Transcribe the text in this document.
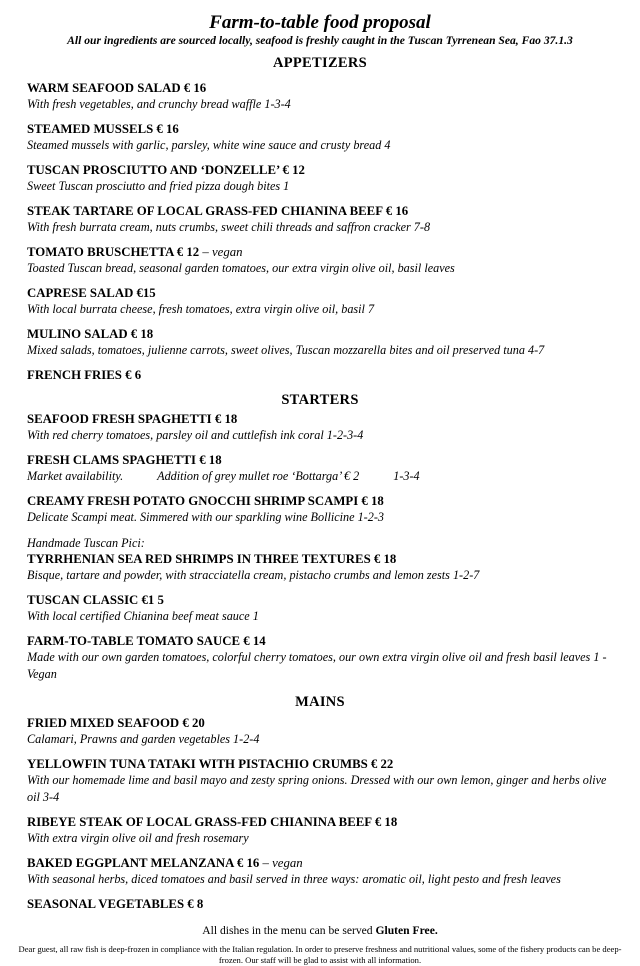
Farm-to-table food proposal
All our ingredients are sourced locally, seafood is freshly caught in the Tuscan Tyrrenean Sea, Fao 37.1.3
APPETIZERS
WARM SEAFOOD SALAD € 16
With fresh vegetables, and crunchy bread waffle 1-3-4
STEAMED MUSSELS € 16
Steamed mussels with garlic, parsley, white wine sauce and crusty bread 4
TUSCAN PROSCIUTTO AND ‘DONZELLE’ € 12
Sweet Tuscan prosciutto and fried pizza dough bites 1
STEAK TARTARE OF LOCAL GRASS-FED CHIANINA BEEF € 16
With fresh burrata cream, nuts crumbs, sweet chili threads and saffron cracker 7-8
TOMATO BRUSCHETTA € 12 – vegan
Toasted Tuscan bread, seasonal garden tomatoes, our extra virgin olive oil, basil leaves
CAPRESE SALAD €15
With local burrata cheese, fresh tomatoes, extra virgin olive oil, basil 7
MULINO SALAD € 18
Mixed salads, tomatoes, julienne carrots, sweet olives, Tuscan mozzarella bites and oil preserved tuna 4-7
FRENCH FRIES € 6
STARTERS
SEAFOOD FRESH SPAGHETTI € 18
With red cherry tomatoes, parsley oil and cuttlefish ink coral 1-2-3-4
FRESH CLAMS SPAGHETTI € 18
Market availability.	Addition of grey mullet roe ‘Bottarga’ € 2	1-3-4
CREAMY FRESH POTATO GNOCCHI SHRIMP SCAMPI € 18
Delicate Scampi meat. Simmered with our sparkling wine Bollicine 1-2-3
Handmade Tuscan Pici:
TYRRHENIAN SEA RED SHRIMPS IN THREE TEXTURES € 18
Bisque, tartare and powder, with stracciatella cream, pistacho crumbs and lemon zests 1-2-7
TUSCAN CLASSIC €1 5
With local certified Chianina beef meat sauce 1
FARM-TO-TABLE TOMATO SAUCE € 14
Made with our own garden tomatoes, colorful cherry tomatoes, our own extra virgin olive oil and fresh basil leaves 1 - Vegan
MAINS
FRIED MIXED SEAFOOD € 20
Calamari, Prawns and garden vegetables 1-2-4
YELLOWFIN TUNA TATAKI WITH PISTACHIO CRUMBS € 22
With our homemade lime and basil mayo and zesty spring onions. Dressed with our own lemon, ginger and herbs olive oil 3-4
RIBEYE STEAK OF LOCAL GRASS-FED CHIANINA BEEF € 18
With extra virgin olive oil and fresh rosemary
BAKED EGGPLANT MELANZANA € 16 – vegan
With seasonal herbs, diced tomatoes and basil served in three ways: aromatic oil, light pesto and fresh leaves
SEASONAL VEGETABLES € 8
All dishes in the menu can be served Gluten Free.
Dear guest, all raw fish is deep-frozen in compliance with the Italian regulation. In order to preserve freshness and nutritional values, some of the fishery products can be deep-frozen. Our staff will be glad to assist with all information.
